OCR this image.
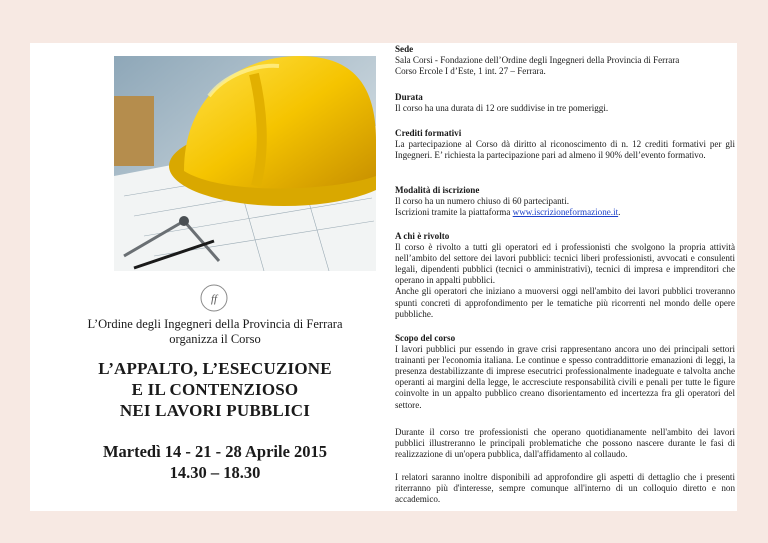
ff
L’Ordine degli Ingegneri della Provincia di Ferrara
organizza il Corso
L’APPALTO, L’ESECUZIONE
E IL CONTENZIOSO
NEI LAVORI PUBBLICI
Martedì 14 - 21 - 28 Aprile 2015
14.30 – 18.30
Sede

Sala Corsi - Fondazione dell’Ordine degli Ingegneri della Provincia di Ferrara

Corso Ercole I d’Este, 1 int. 27 – Ferrara.

Durata

Il corso ha una durata di 12 ore suddivise in tre pomeriggi.

Crediti formativi

La partecipazione al Corso dà diritto al riconoscimento di n. 12 crediti formativi per gli Ingegneri. E’ richiesta la partecipazione pari ad almeno il 90% dell’evento formativo.

Modalità di iscrizione

Il corso ha un numero chiuso di 60 partecipanti.

Iscrizioni tramite la piattaforma www.iscrizioneformazione.it.

A chi è rivolto

Il corso è rivolto a tutti gli operatori ed i professionisti che svolgono la propria attività nell’ambito del settore dei lavori pubblici: tecnici liberi professionisti, avvocati e consulenti legali, dipendenti pubblici (tecnici o amministrativi), tecnici di impresa e imprenditori che operano in appalti pubblici.

Anche gli operatori che iniziano a muoversi oggi nell'ambito dei lavori pubblici troveranno spunti concreti di approfondimento per le tematiche più ricorrenti nel mondo delle opere pubbliche.

Scopo del corso

I lavori pubblici pur essendo in grave crisi rappresentano ancora uno dei principali settori trainanti per l'economia italiana. Le continue e spesso contraddittorie emanazioni di leggi, la presenza destabilizzante di imprese esecutrici professionalmente inadeguate e talvolta anche operanti ai margini della legge, le accresciute responsabilità civili e penali per tutte le figure coinvolte in un appalto pubblico creano disorientamento ed incertezza fra gli operatori del settore.

Durante il corso tre professionisti che operano quotidianamente nell'ambito dei lavori pubblici illustreranno le principali problematiche che possono nascere durante le fasi di realizzazione di un'opera pubblica, dall'affidamento al collaudo.

I relatori saranno inoltre disponibili ad approfondire gli aspetti di dettaglio che i presenti riterranno più d'interesse, sempre comunque all'interno di un colloquio diretto e non accademico.
